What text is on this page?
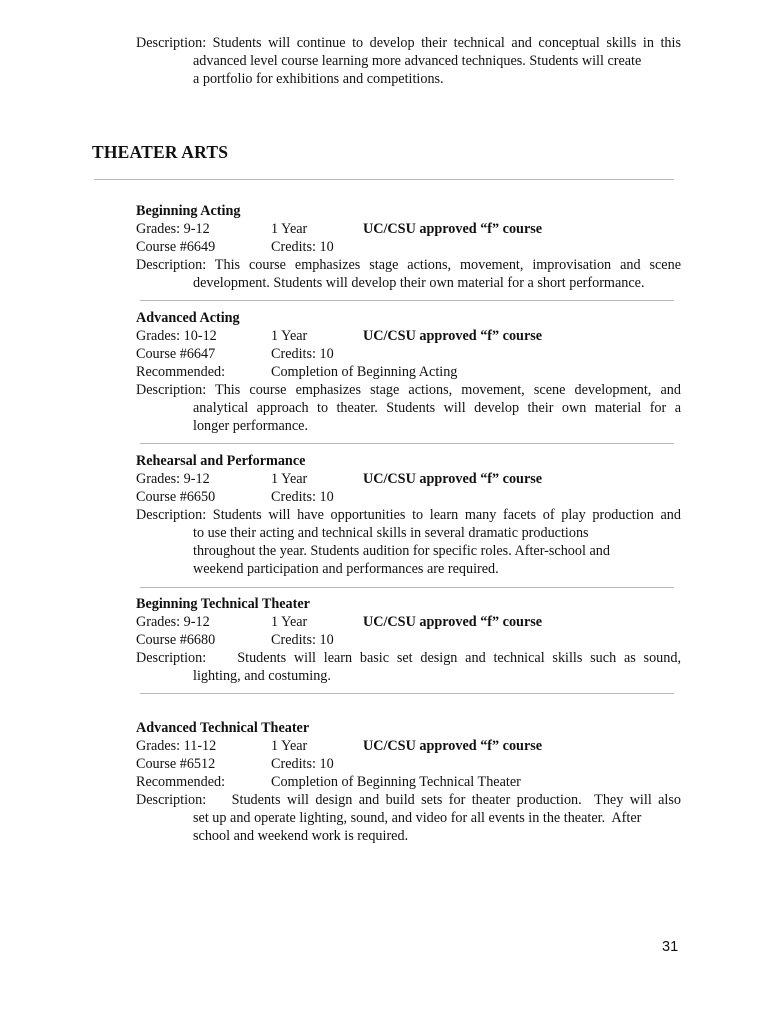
Description: Students will continue to develop their technical and conceptual skills in this
advanced level course learning more advanced techniques. Students will create
a portfolio for exhibitions and competitions.
THEATER ARTS
Beginning Acting
Grades: 9-12	1 Year	UC/CSU approved “f” course
Course #6649	Credits: 10
Description: This course emphasizes stage actions, movement, improvisation and scene
development. Students will develop their own material for a short performance.
Advanced Acting
Grades: 10-12	1 Year	UC/CSU approved “f” course
Course #6647	Credits: 10
Recommended:	Completion of Beginning Acting
Description: This course emphasizes stage actions, movement, scene development, and
analytical approach to theater. Students will develop their own material for a
longer performance.
Rehearsal and Performance
Grades: 9-12	1 Year	UC/CSU approved “f” course
Course #6650	Credits: 10
Description: Students will have opportunities to learn many facets of play production and
to use their acting and technical skills in several dramatic productions
throughout the year. Students audition for specific roles. After-school and
weekend participation and performances are required.
Beginning Technical Theater
Grades: 9-12	1 Year	UC/CSU approved “f” course
Course #6680	Credits: 10
Description:    Students will learn basic set design and technical skills such as sound,
lighting, and costuming.
Advanced Technical Theater
Grades: 11-12	1 Year	UC/CSU approved “f” course
Course #6512	Credits: 10
Recommended:	Completion of Beginning Technical Theater
Description:    Students will design and build sets for theater production.  They will also
set up and operate lighting, sound, and video for all events in the theater.  After
school and weekend work is required.
31
